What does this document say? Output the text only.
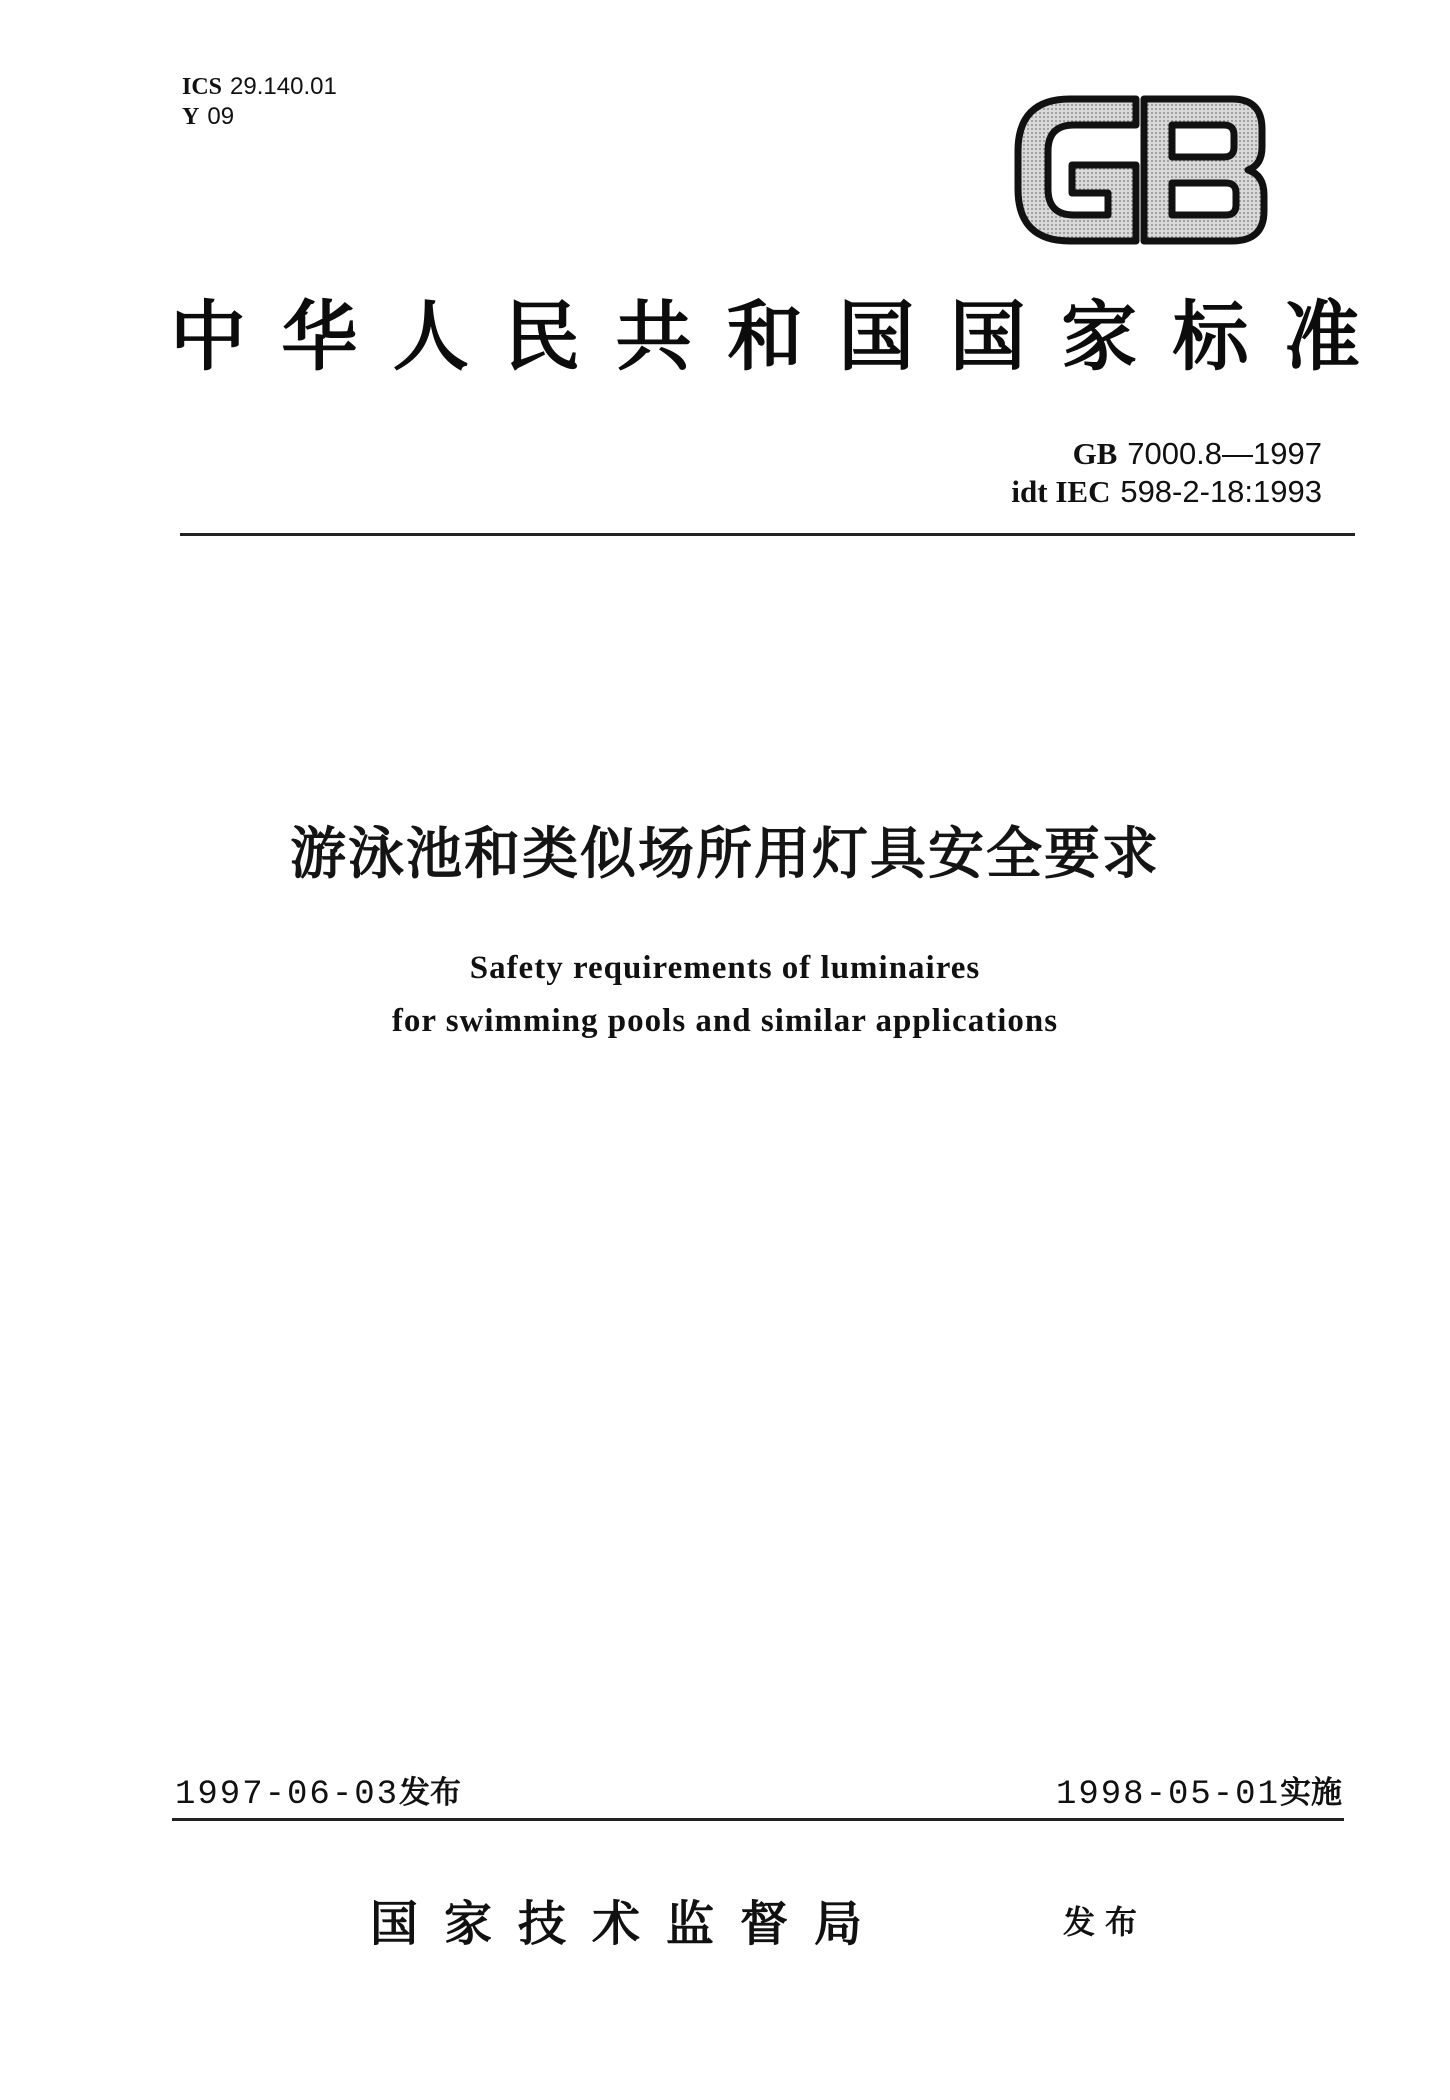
ICS 29.140.01
Y 09
中 华 人 民 共 和 国 国 家 标 准
GB 7000.8—1997
idt IEC 598-2-18:1993
游泳池和类似场所用灯具安全要求
Safety requirements of luminaires
for swimming pools and similar applications
1997-06-03发布	1998-05-01实施
国家技术监督局	发布
